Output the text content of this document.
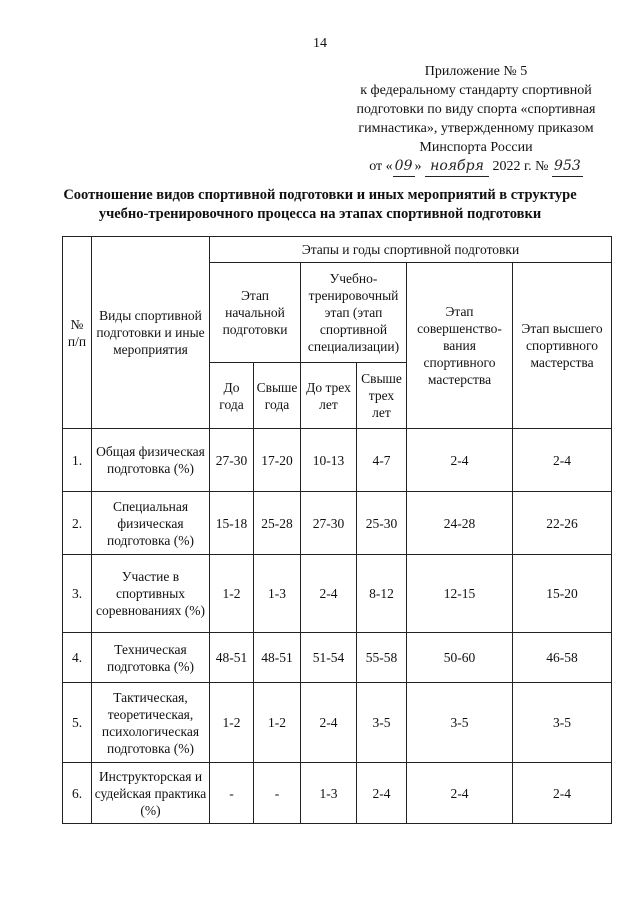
14
Приложение № 5
к федеральному стандарту спортивной
подготовки по виду спорта «спортивная
гимнастика», утвержденному приказом
Минспорта России
от « 09 » ноября 2022 г. № 953
Соотношение видов спортивной подготовки и иных мероприятий в структуре
учебно-тренировочного процесса на этапах спортивной подготовки
№ п/п	Виды спортивной подготовки и иные мероприятия	Этапы и годы спортивной подготовки					
		Этап начальной подготовки		Учебно-тренировочный этап (этап спортивной специализации)		Этап совершенство-вания спортивного мастерства	Этап высшего спортивного мастерства
		До года	Свыше года	До трех лет	Свыше трех лет		
1.	Общая физическая подготовка (%)	27-30	17-20	10-13	4-7	2-4	2-4
2.	Специальная физическая подготовка (%)	15-18	25-28	27-30	25-30	24-28	22-26
3.	Участие в спортивных соревнованиях (%)	1-2	1-3	2-4	8-12	12-15	15-20
4.	Техническая подготовка (%)	48-51	48-51	51-54	55-58	50-60	46-58
5.	Тактическая, теоретическая, психологическая подготовка (%)	1-2	1-2	2-4	3-5	3-5	3-5
6.	Инструкторская и судейская практика (%)	-	-	1-3	2-4	2-4	2-4
